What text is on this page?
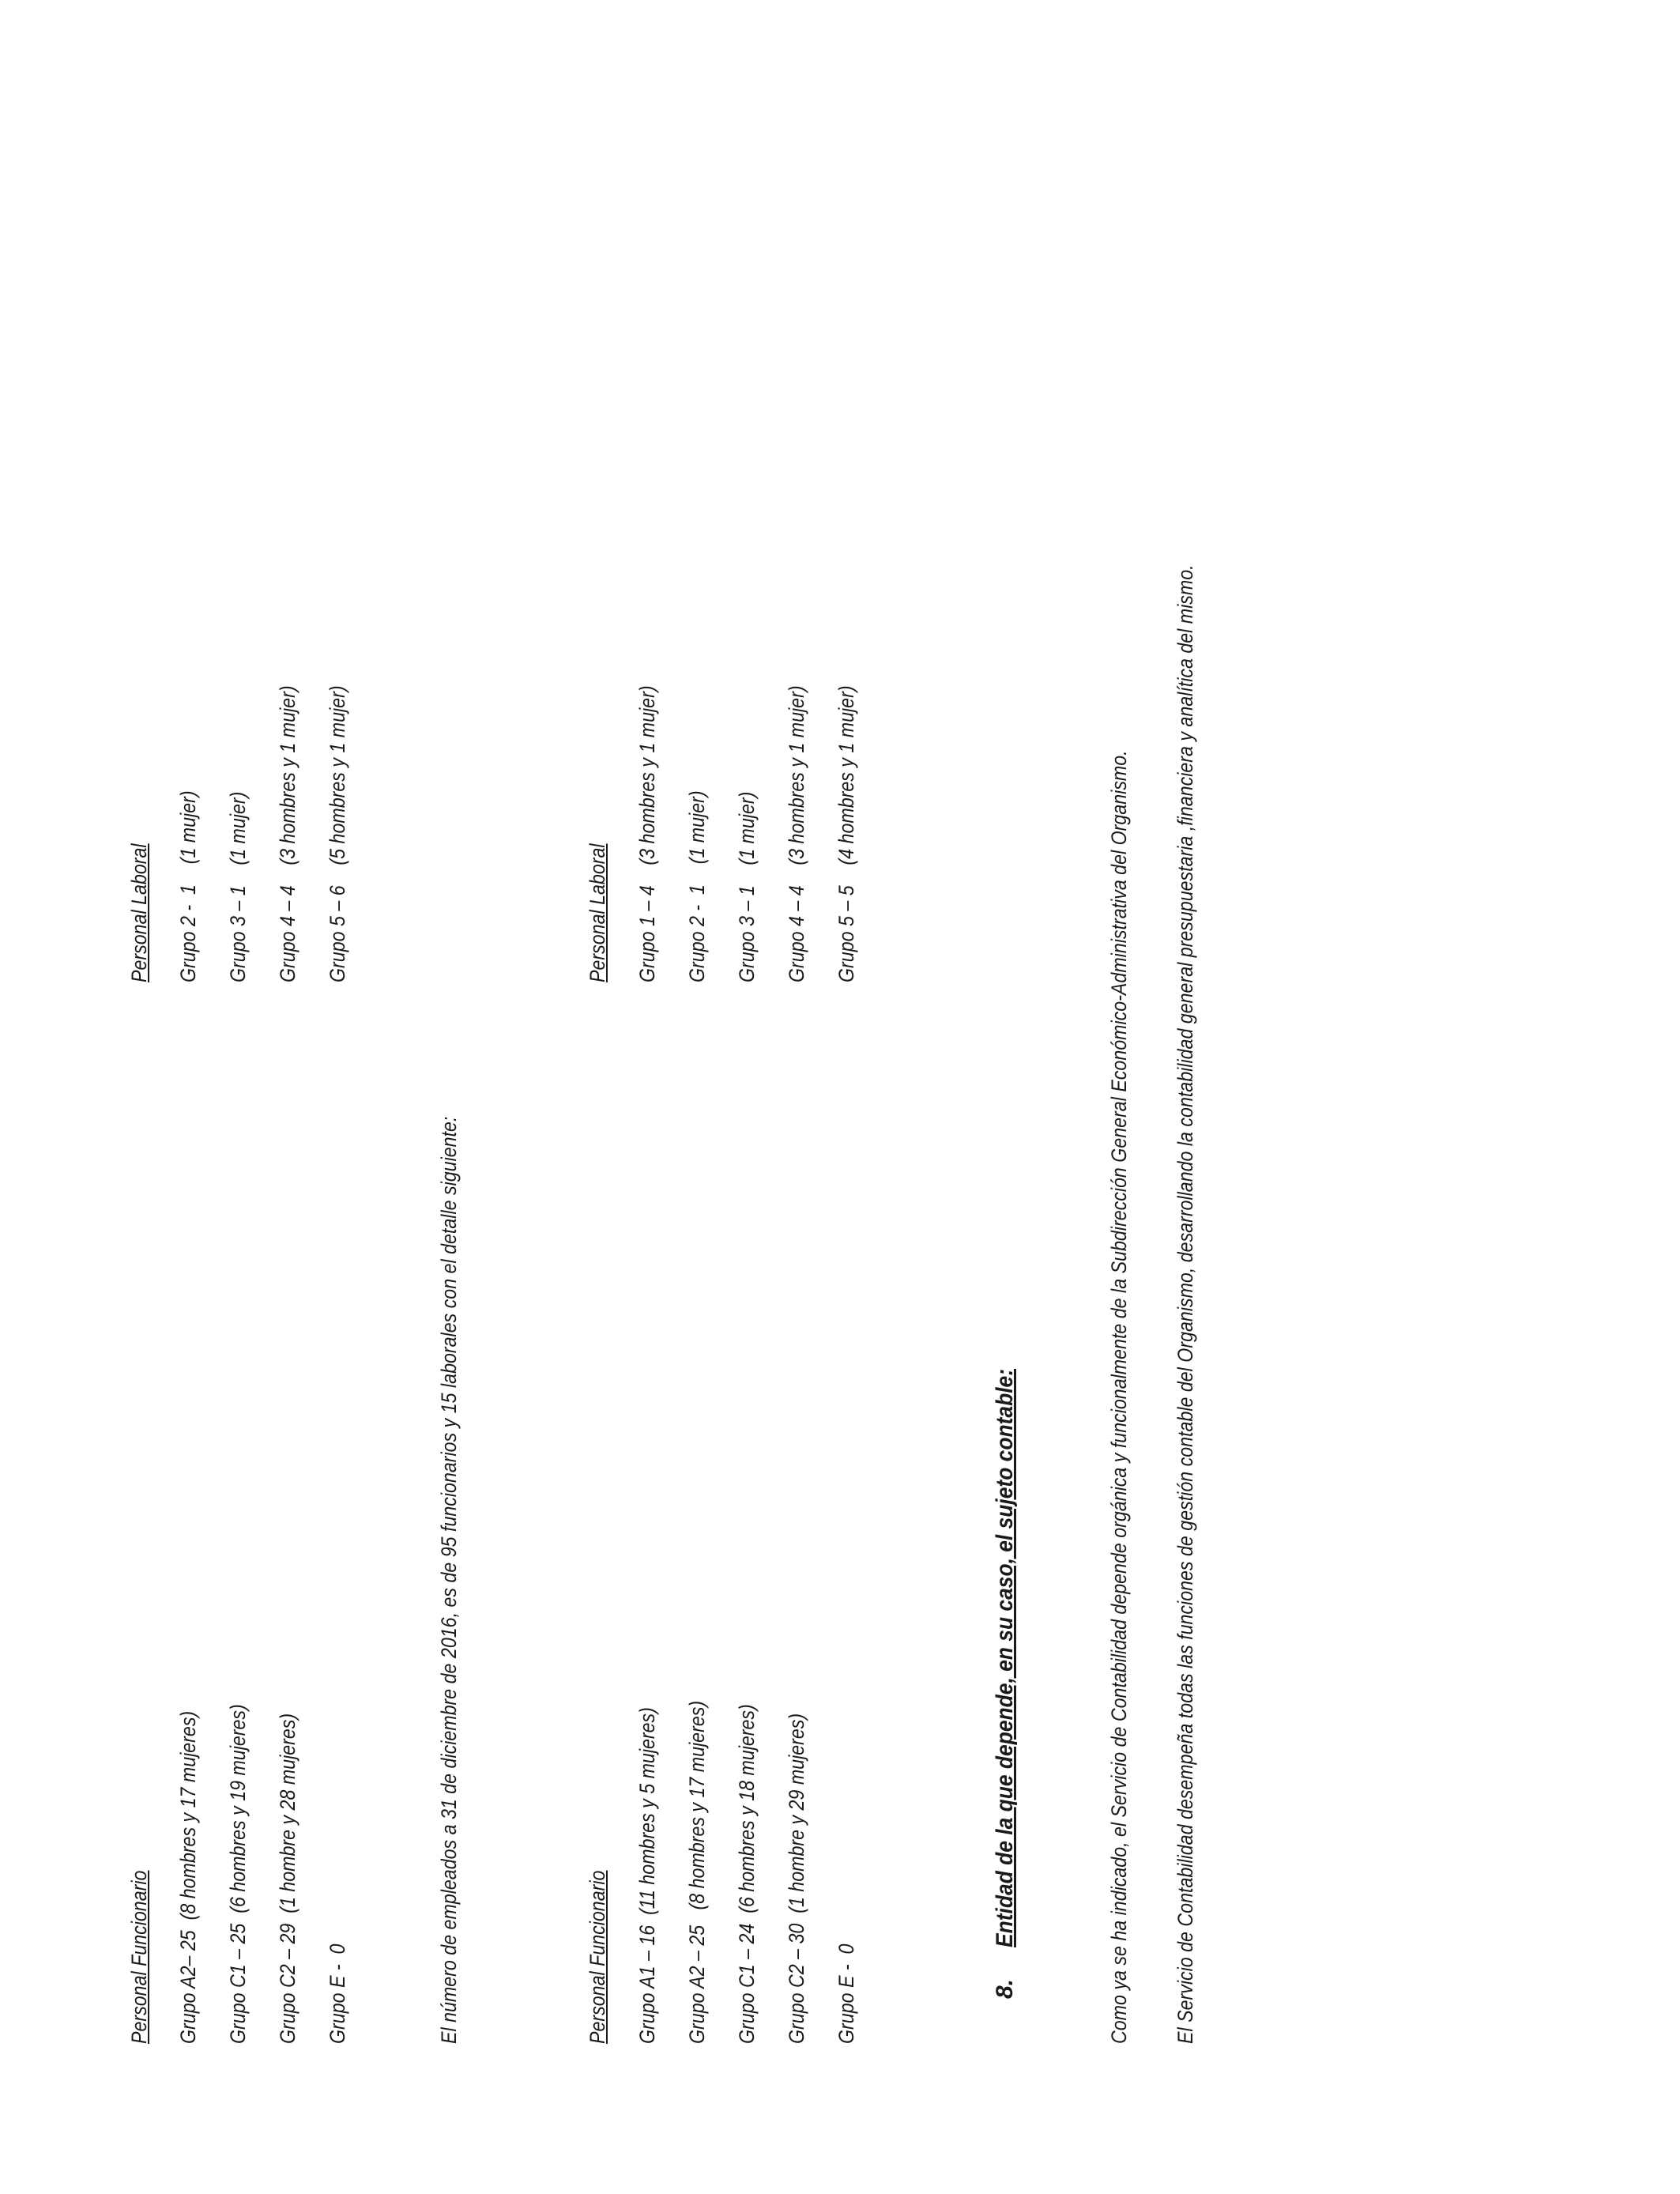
Personal Funcionario Grupo A2– 25  (8 hombres y 17 mujeres) Grupo C1 – 25  (6 hombres y 19 mujeres) Grupo C2 – 29  (1 hombre y 28 mujeres) Grupo E -  0
Personal Laboral Grupo 2 -  1    (1 mujer) Grupo 3 – 1    (1 mujer) Grupo 4 – 4    (3 hombres y 1 mujer) Grupo 5 – 6    (5 hombres y 1 mujer)
El número de empleados a 31 de diciembre de 2016, es de 95 funcionarios y 15 laborales con el detalle siguiente:	Personal Funcionario Grupo A1 – 16  (11 hombres y 5 mujeres) Grupo A2 – 25   (8 hombres y 17 mujeres) Grupo C1 – 24  (6 hombres y 18 mujeres) Grupo C2 – 30  (1 hombre y 29 mujeres) Grupo E -  0
Personal Laboral Grupo 1 – 4    (3 hombres y 1 mujer) Grupo 2 -  1    (1 mujer) Grupo 3 – 1    (1 mujer) Grupo 4 – 4    (3 hombres y 1 mujer) Grupo 5 – 5    (4 hombres y 1 mujer)
8.
Entidad de la que depende, en su caso, el sujeto contable:	Como ya se ha indicado, el Servicio de Contabilidad depende orgánica y funcionalmente de la Subdirección General Económico-Administrativa del Organismo. El Servicio de Contabilidad desempeña todas las funciones de gestión contable del Organismo, desarrollando la contabilidad general presupuestaria ,financiera y analítica del mismo.
